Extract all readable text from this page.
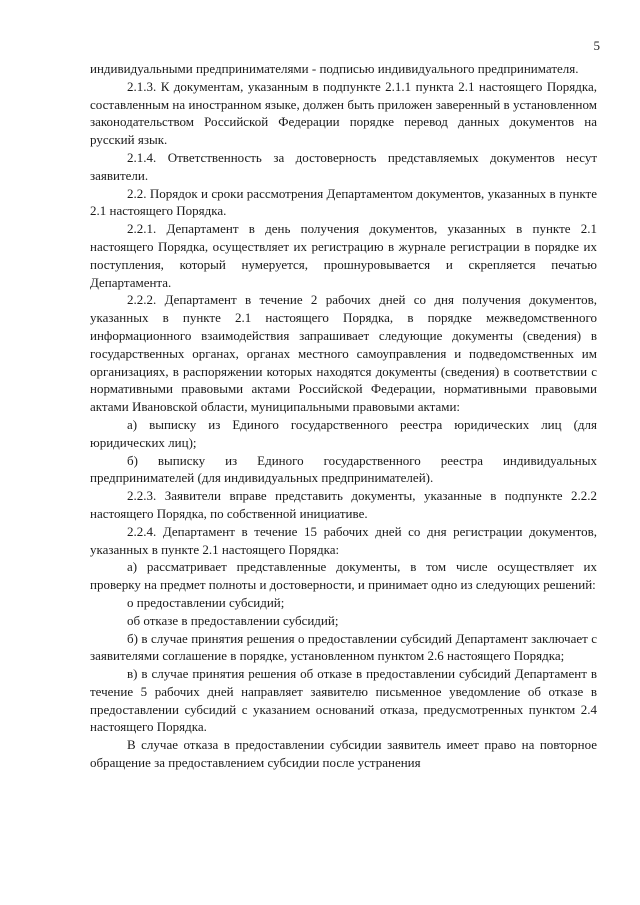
5

индивидуальными предпринимателями - подписью индивидуального предпринимателя.

2.1.3. К документам, указанным в подпункте 2.1.1 пункта 2.1 настоящего Порядка, составленным на иностранном языке, должен быть приложен заверенный в установленном законодательством Российской Федерации порядке перевод данных документов на русский язык.

2.1.4. Ответственность за достоверность представляемых документов несут заявители.

2.2. Порядок и сроки рассмотрения Департаментом документов, указанных в пункте 2.1 настоящего Порядка.

2.2.1. Департамент в день получения документов, указанных в пункте 2.1 настоящего Порядка, осуществляет их регистрацию в журнале регистрации в порядке их поступления, который нумеруется, прошнуровывается и скрепляется печатью Департамента.

2.2.2. Департамент в течение 2 рабочих дней со дня получения документов, указанных в пункте 2.1 настоящего Порядка, в порядке межведомственного информационного взаимодействия запрашивает следующие документы (сведения) в государственных органах, органах местного самоуправления и подведомственных им организациях, в распоряжении которых находятся документы (сведения) в соответствии с нормативными правовыми актами Российской Федерации, нормативными правовыми актами Ивановской области, муниципальными правовыми актами:

а) выписку из Единого государственного реестра юридических лиц (для юридических лиц);

б) выписку из Единого государственного реестра индивидуальных предпринимателей (для индивидуальных предпринимателей).

2.2.3. Заявители вправе представить документы, указанные в подпункте 2.2.2 настоящего Порядка, по собственной инициативе.

2.2.4. Департамент в течение 15 рабочих дней со дня регистрации документов, указанных в пункте 2.1 настоящего Порядка:

а) рассматривает представленные документы, в том числе осуществляет их проверку на предмет полноты и достоверности, и принимает одно из следующих решений:

о предоставлении субсидий;

об отказе в предоставлении субсидий;

б) в случае принятия решения о предоставлении субсидий Департамент заключает с заявителями соглашение в порядке, установленном пунктом 2.6 настоящего Порядка;

в) в случае принятия решения об отказе в предоставлении субсидий Департамент в течение 5 рабочих дней направляет заявителю письменное уведомление об отказе в предоставлении субсидий с указанием оснований отказа, предусмотренных пунктом 2.4 настоящего Порядка.

В случае отказа в предоставлении субсидии заявитель имеет право на повторное обращение за предоставлением субсидии после устранения
